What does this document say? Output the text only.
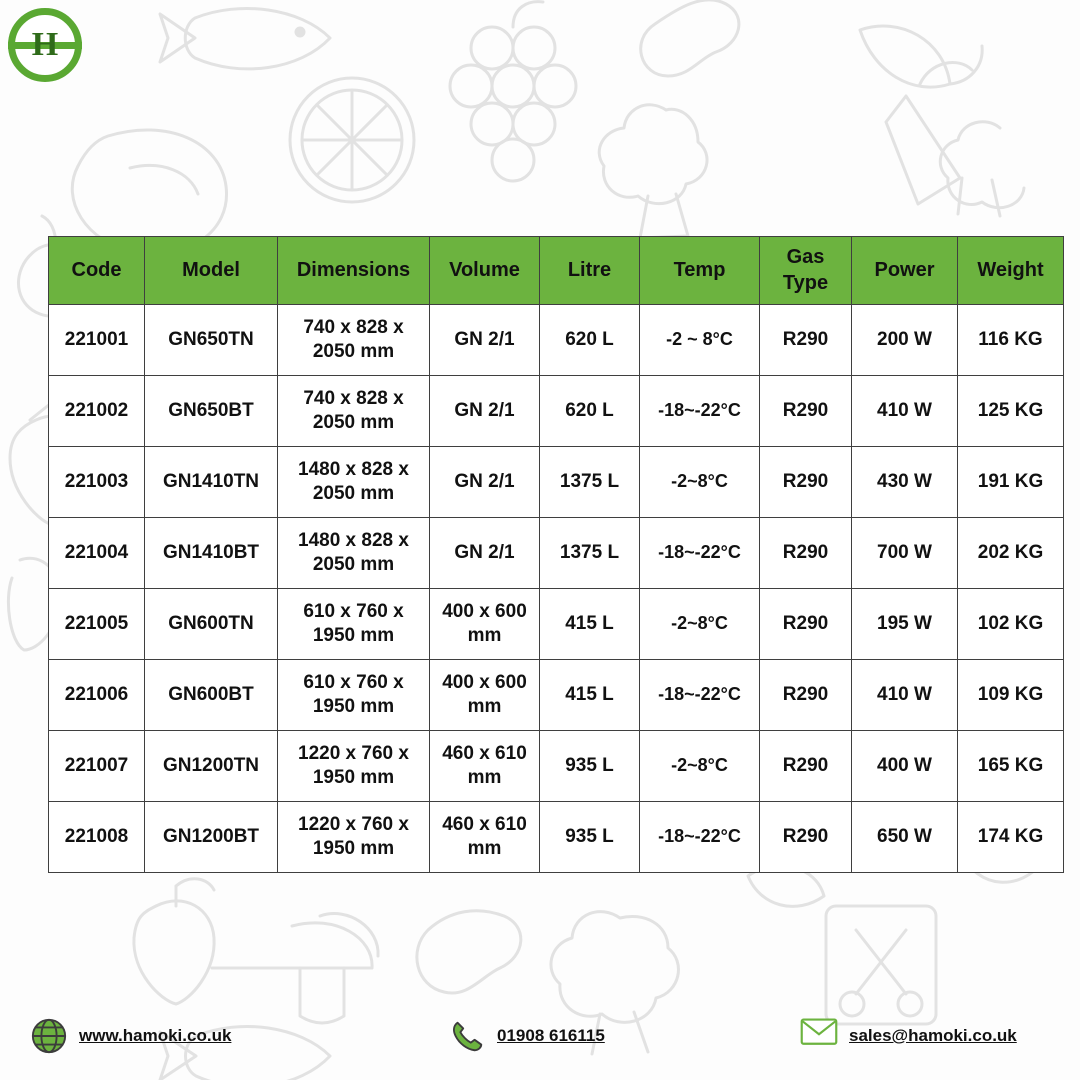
H
Code	Model	Dimensions	Volume	Litre	Temp	Gas Type	Power	Weight
221001	GN650TN	740 x 828 x 2050 mm	GN 2/1	620 L	-2 ~ 8°C	R290	200 W	116 KG
221002	GN650BT	740 x 828 x 2050 mm	GN 2/1	620 L	-18~-22°C	R290	410 W	125 KG
221003	GN1410TN	1480 x 828 x 2050 mm	GN 2/1	1375 L	-2~8°C	R290	430 W	191 KG
221004	GN1410BT	1480 x 828 x 2050 mm	GN 2/1	1375 L	-18~-22°C	R290	700 W	202 KG
221005	GN600TN	610 x 760 x 1950 mm	400 x 600 mm	415 L	-2~8°C	R290	195 W	102 KG
221006	GN600BT	610 x 760 x 1950 mm	400 x 600 mm	415 L	-18~-22°C	R290	410 W	109 KG
221007	GN1200TN	1220 x 760 x 1950 mm	460 x 610 mm	935 L	-2~8°C	R290	400 W	165 KG
221008	GN1200BT	1220 x 760 x 1950 mm	460 x 610 mm	935 L	-18~-22°C	R290	650 W	174 KG
www.hamoki.co.uk	01908 616115	sales@hamoki.co.uk
